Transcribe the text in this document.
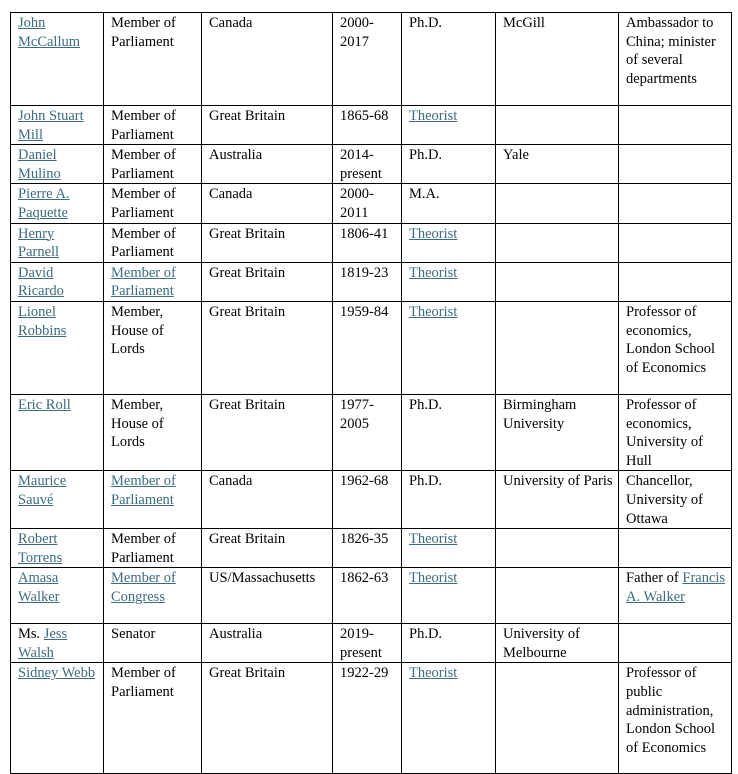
John McCallum	Member of Parliament	Canada	2000-2017	Ph.D.	McGill	Ambassador to China; minister of several departments
John Stuart Mill	Member of Parliament	Great Britain	1865-68	Theorist		
Daniel Mulino	Member of Parliament	Australia	2014-present	Ph.D.	Yale	
Pierre A. Paquette	Member of Parliament	Canada	2000-2011	M.A.		
Henry Parnell	Member of Parliament	Great Britain	1806-41	Theorist		
David Ricardo	Member of Parliament	Great Britain	1819-23	Theorist		
Lionel Robbins	Member, House of Lords	Great Britain	1959-84	Theorist		Professor of economics, London School of Economics
Eric Roll	Member, House of Lords	Great Britain	1977-2005	Ph.D.	Birmingham University	Professor of economics, University of Hull
Maurice Sauvé	Member of Parliament	Canada	1962-68	Ph.D.	University of Paris	Chancellor, University of Ottawa
Robert Torrens	Member of Parliament	Great Britain	1826-35	Theorist		
Amasa Walker	Member of Congress	US/Massachusetts	1862-63	Theorist		Father of Francis A. Walker
Ms. Jess Walsh	Senator	Australia	2019-present	Ph.D.	University of Melbourne	
Sidney Webb	Member of Parliament	Great Britain	1922-29	Theorist		Professor of public administration, London School of Economics
